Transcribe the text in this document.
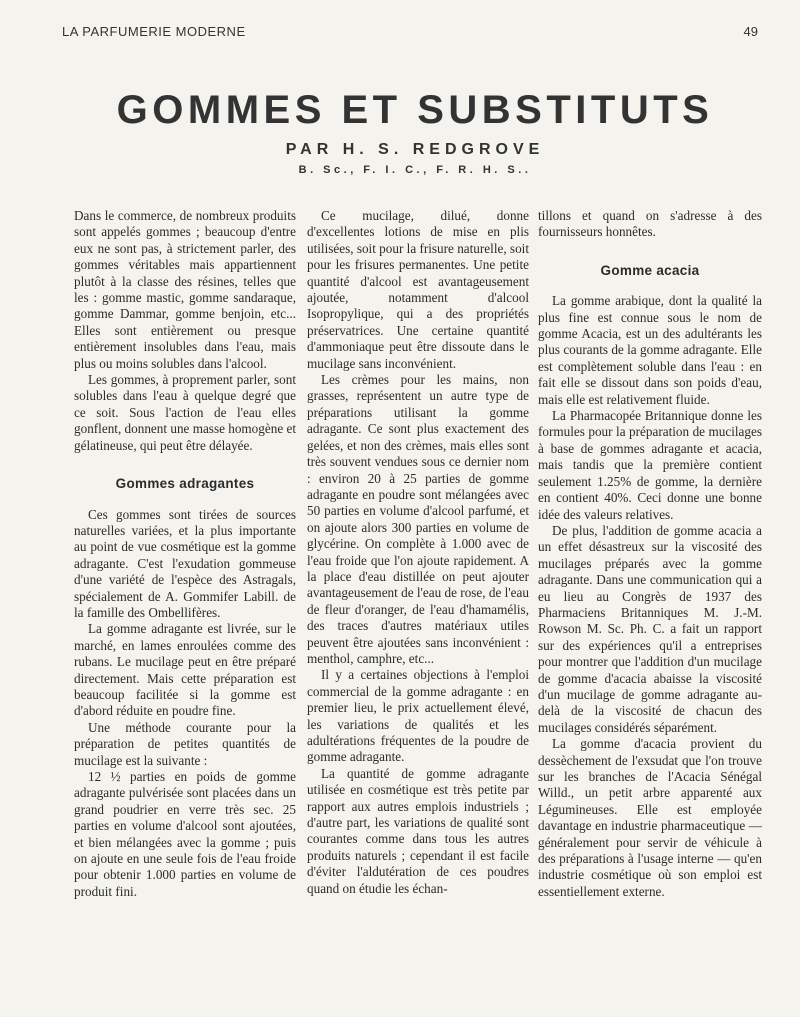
LA PARFUMERIE MODERNE	49
GOMMES ET SUBSTITUTS
PAR H. S. REDGROVE
B. Sc., F. I. C., F. R. H. S..

Dans le commerce, de nombreux produits sont appelés gommes ; beaucoup d'entre eux ne sont pas, à strictement parler, des gommes véritables mais appartiennent plutôt à la classe des résines, telles que les : gomme mastic, gomme sandaraque, gomme Dammar, gomme benjoin, etc... Elles sont entièrement ou presque entièrement insolubles dans l'eau, mais plus ou moins solubles dans l'alcool.

Les gommes, à proprement parler, sont solubles dans l'eau à quelque degré que ce soit. Sous l'action de l'eau elles gonflent, donnent une masse homogène et gélatineuse, qui peut être délayée.

Gommes adragantes

Ces gommes sont tirées de sources naturelles variées, et la plus importante au point de vue cosmétique est la gomme adragante. C'est l'exudation gommeuse d'une variété de l'espèce des Astragals, spécialement de A. Gommifer Labill. de la famille des Ombellifères.

La gomme adragante est livrée, sur le marché, en lames enroulées comme des rubans. Le mucilage peut en être préparé directement. Mais cette préparation est beaucoup facilitée si la gomme est d'abord réduite en poudre fine.

Une méthode courante pour la préparation de petites quantités de mucilage est la suivante :

12 ½ parties en poids de gomme adragante pulvérisée sont placées dans un grand poudrier en verre très sec. 25 parties en volume d'alcool sont ajoutées, et bien mélangées avec la gomme ; puis on ajoute en une seule fois de l'eau froide pour obtenir 1.000 parties en volume de produit fini.

Ce mucilage, dilué, donne d'excellentes lotions de mise en plis utilisées, soit pour la frisure naturelle, soit pour les frisures permanentes. Une petite quantité d'alcool est avantageusement ajoutée, notamment d'alcool Isopropylique, qui a des propriétés préservatrices. Une certaine quantité d'ammoniaque peut être dissoute dans le mucilage sans inconvénient.

Les crèmes pour les mains, non grasses, représentent un autre type de préparations utilisant la gomme adragante. Ce sont plus exactement des gelées, et non des crèmes, mais elles sont très souvent vendues sous ce dernier nom : environ 20 à 25 parties de gomme adragante en poudre sont mélangées avec 50 parties en volume d'alcool parfumé, et on ajoute alors 300 parties en volume de glycérine. On complète à 1.000 avec de l'eau froide que l'on ajoute rapidement. A la place d'eau distillée on peut ajouter avantageusement de l'eau de rose, de l'eau de fleur d'oranger, de l'eau d'hamamélis, des traces d'autres matériaux utiles peuvent être ajoutées sans inconvénient : menthol, camphre, etc...

Il y a certaines objections à l'emploi commercial de la gomme adragante : en premier lieu, le prix actuellement élevé, les variations de qualités et les adultérations fréquentes de la poudre de gomme adragante.

La quantité de gomme adragante utilisée en cosmétique est très petite par rapport aux autres emplois industriels ; d'autre part, les variations de qualité sont courantes comme dans tous les autres produits naturels ; cependant il est facile d'éviter l'aldutération de ces poudres quand on étudie les échan-

tillons et quand on s'adresse à des fournisseurs honnêtes.

Gomme acacia

La gomme arabique, dont la qualité la plus fine est connue sous le nom de gomme Acacia, est un des adultérants les plus courants de la gomme adragante. Elle est complètement soluble dans l'eau : en fait elle se dissout dans son poids d'eau, mais elle est relativement fluide.

La Pharmacopée Britannique donne les formules pour la préparation de mucilages à base de gommes adragante et acacia, mais tandis que la première contient seulement 1.25% de gomme, la dernière en contient 40%. Ceci donne une bonne idée des valeurs relatives.

De plus, l'addition de gomme acacia a un effet désastreux sur la viscosité des mucilages préparés avec la gomme adragante. Dans une communication qui a eu lieu au Congrès de 1937 des Pharmaciens Britanniques M. J.-M. Rowson M. Sc. Ph. C. a fait un rapport sur des expériences qu'il a entreprises pour montrer que l'addition d'un mucilage de gomme d'acacia abaisse la viscosité d'un mucilage de gomme adragante au-delà de la viscosité de chacun des mucilages considérés séparément.

La gomme d'acacia provient du dessèchement de l'exsudat que l'on trouve sur les branches de l'Acacia Sénégal Willd., un petit arbre apparenté aux Légumineuses. Elle est employée davantage en industrie pharmaceutique — généralement pour servir de véhicule à des préparations à l'usage interne — qu'en industrie cosmétique où son emploi est essentiellement externe.
